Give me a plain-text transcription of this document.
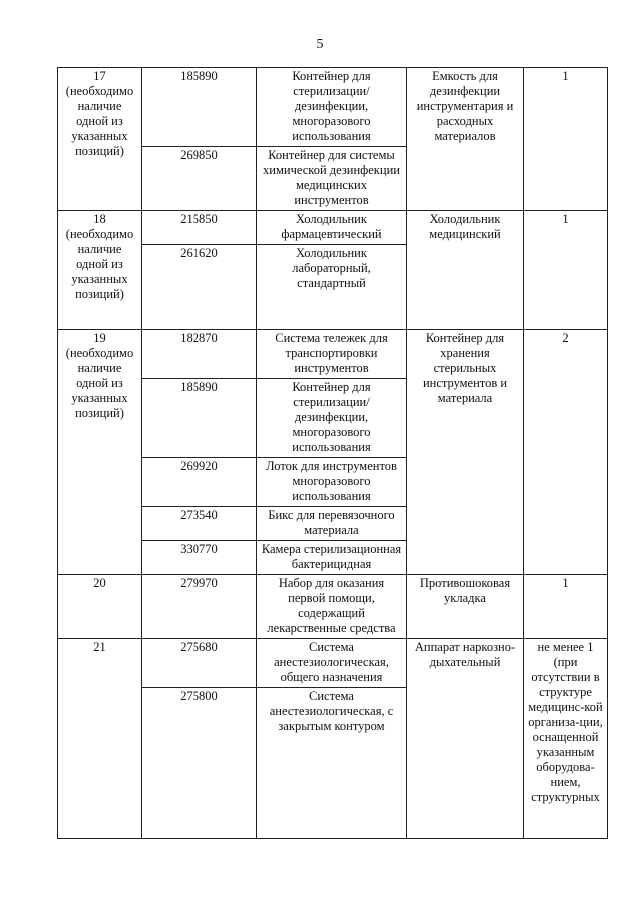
5
17 (необходимо наличие одной из указанных позиций)	185890	Контейнер для стерилизации/ дезинфекции, многоразового использования	Емкость для дезинфекции инструментария и расходных материалов	1
	269850	Контейнер для системы химической дезинфекции медицинских инструментов		
18 (необходимо наличие одной из указанных позиций)	215850	Холодильник фармацевтический	Холодильник медицинский	1
	261620	Холодильник лабораторный, стандартный		
19 (необходимо наличие одной из указанных позиций)	182870	Система тележек для транспортировки инструментов	Контейнер для хранения стерильных инструментов и материала	2
	185890	Контейнер для стерилизации/ дезинфекции, многоразового использования		
	269920	Лоток для инструментов многоразового использования		
	273540	Бикс для перевязочного материала		
	330770	Камера стерилизационная бактерицидная		
20	279970	Набор для оказания первой помощи, содержащий лекарственные средства	Противошоковая укладка	1
21	275680	Система анестезиологическая, общего назначения	Аппарат наркозно-дыхательный	не менее 1 (при отсутствии в структуре медицинс-кой организа-ции, оснащенной указанным оборудова-нием, структурных
	275800	Система анестезиологическая, с закрытым контуром		
